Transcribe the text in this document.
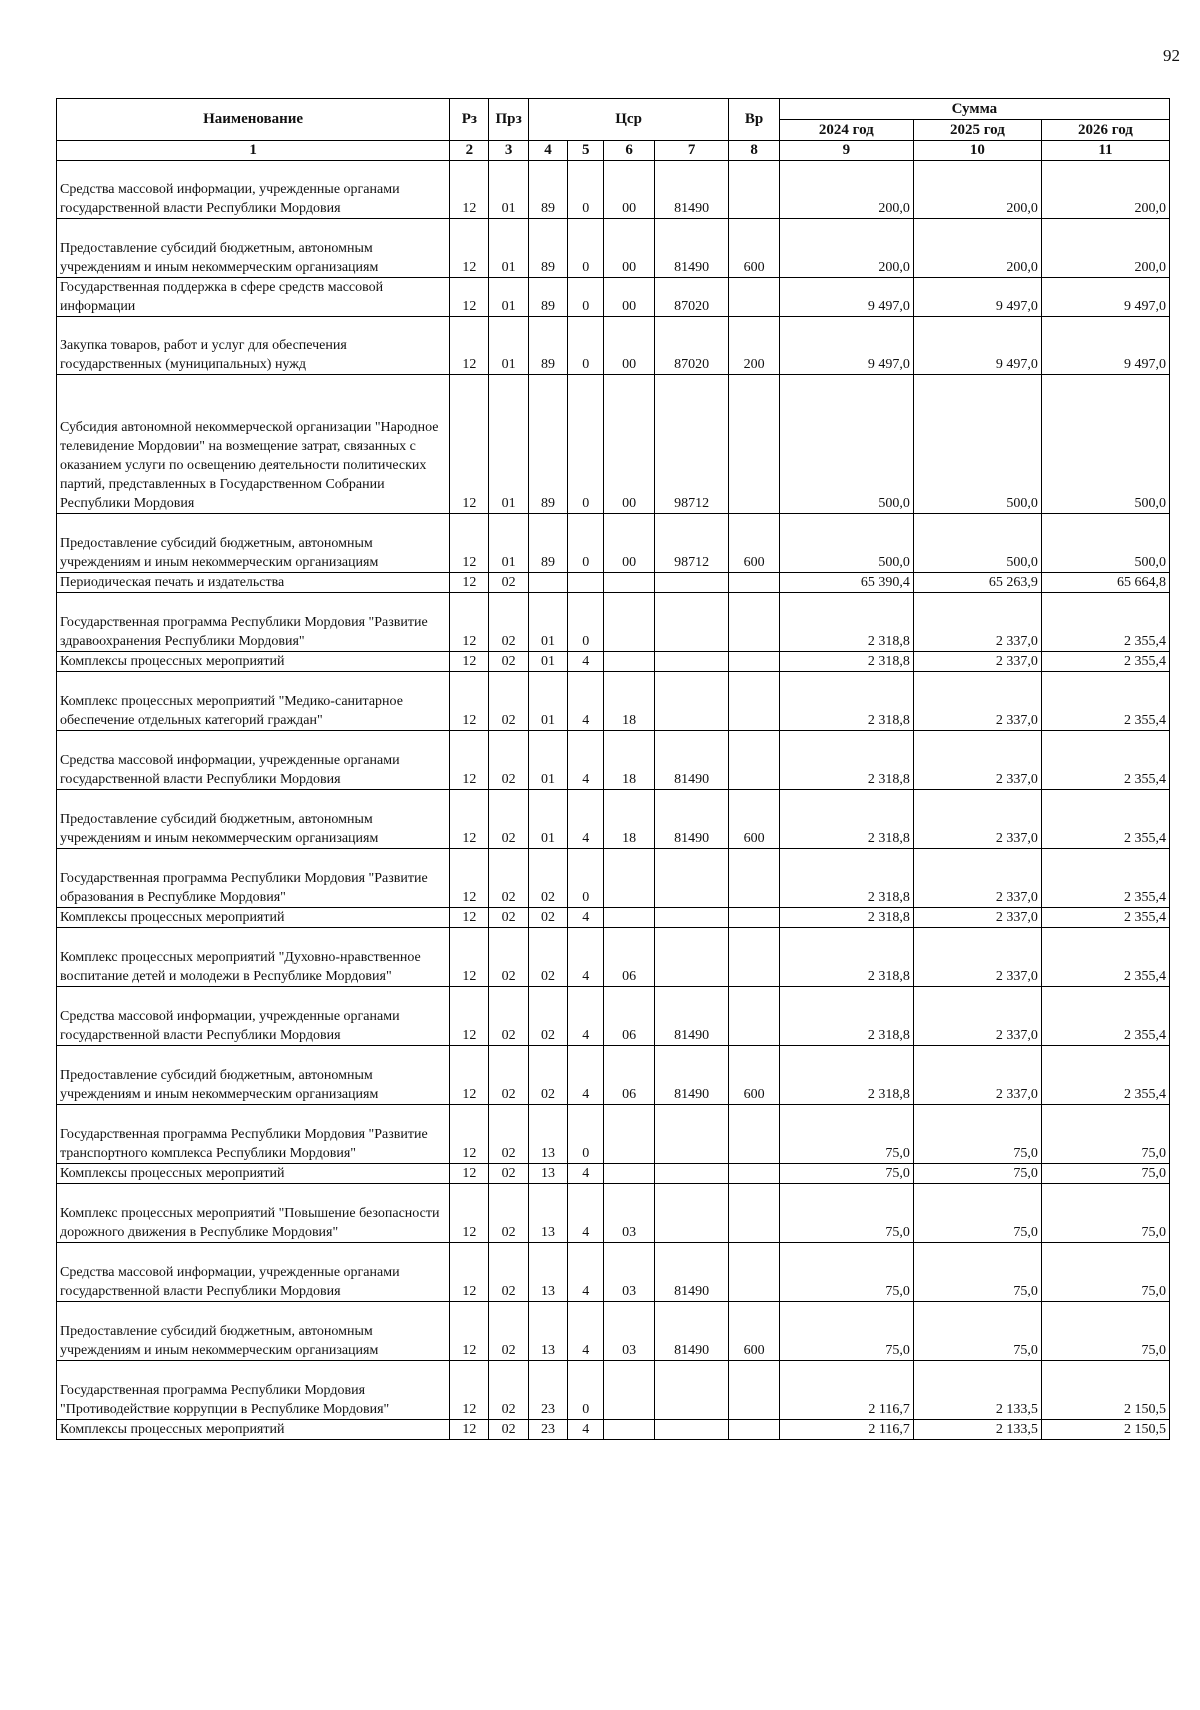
92
Наименование	Рз	Прз	Цср				Вр	Сумма		
								2024 год	2025 год	2026 год
1	2	3	4	5	6	7	8	9	10	11
Средства массовой информации, учрежденные органами государственной власти Республики Мордовия	12	01	89	0	00	81490		200,0	200,0	200,0
Предоставление субсидий бюджетным, автономным учреждениям и иным некоммерческим организациям	12	01	89	0	00	81490	600	200,0	200,0	200,0
Государственная поддержка в сфере средств массовой информации	12	01	89	0	00	87020		9 497,0	9 497,0	9 497,0
Закупка товаров, работ и услуг для обеспечения государственных (муниципальных) нужд	12	01	89	0	00	87020	200	9 497,0	9 497,0	9 497,0
Субсидия автономной некоммерческой организации "Народное телевидение Мордовии" на возмещение затрат, связанных с оказанием услуги по освещению деятельности политических партий, представленных в Государственном Собрании Республики Мордовия	12	01	89	0	00	98712		500,0	500,0	500,0
Предоставление субсидий бюджетным, автономным учреждениям и иным некоммерческим организациям	12	01	89	0	00	98712	600	500,0	500,0	500,0
Периодическая печать и издательства	12	02						65 390,4	65 263,9	65 664,8
Государственная программа Республики Мордовия "Развитие здравоохранения Республики Мордовия"	12	02	01	0				2 318,8	2 337,0	2 355,4
Комплексы процессных мероприятий	12	02	01	4				2 318,8	2 337,0	2 355,4
Комплекс процессных мероприятий "Медико-санитарное обеспечение отдельных категорий граждан"	12	02	01	4	18			2 318,8	2 337,0	2 355,4
Средства массовой информации, учрежденные органами государственной власти Республики Мордовия	12	02	01	4	18	81490		2 318,8	2 337,0	2 355,4
Предоставление субсидий бюджетным, автономным учреждениям и иным некоммерческим организациям	12	02	01	4	18	81490	600	2 318,8	2 337,0	2 355,4
Государственная программа Республики Мордовия "Развитие образования в Республике Мордовия"	12	02	02	0				2 318,8	2 337,0	2 355,4
Комплексы процессных мероприятий	12	02	02	4				2 318,8	2 337,0	2 355,4
Комплекс процессных мероприятий "Духовно-нравственное воспитание детей и молодежи в Республике Мордовия"	12	02	02	4	06			2 318,8	2 337,0	2 355,4
Средства массовой информации, учрежденные органами государственной власти Республики Мордовия	12	02	02	4	06	81490		2 318,8	2 337,0	2 355,4
Предоставление субсидий бюджетным, автономным учреждениям и иным некоммерческим организациям	12	02	02	4	06	81490	600	2 318,8	2 337,0	2 355,4
Государственная программа Республики Мордовия "Развитие транспортного комплекса Республики Мордовия"	12	02	13	0				75,0	75,0	75,0
Комплексы процессных мероприятий	12	02	13	4				75,0	75,0	75,0
Комплекс процессных мероприятий "Повышение безопасности дорожного движения в Республике Мордовия"	12	02	13	4	03			75,0	75,0	75,0
Средства массовой информации, учрежденные органами государственной власти Республики Мордовия	12	02	13	4	03	81490		75,0	75,0	75,0
Предоставление субсидий бюджетным, автономным учреждениям и иным некоммерческим организациям	12	02	13	4	03	81490	600	75,0	75,0	75,0
Государственная программа Республики Мордовия "Противодействие коррупции в Республике Мордовия"	12	02	23	0				2 116,7	2 133,5	2 150,5
Комплексы процессных мероприятий	12	02	23	4				2 116,7	2 133,5	2 150,5
